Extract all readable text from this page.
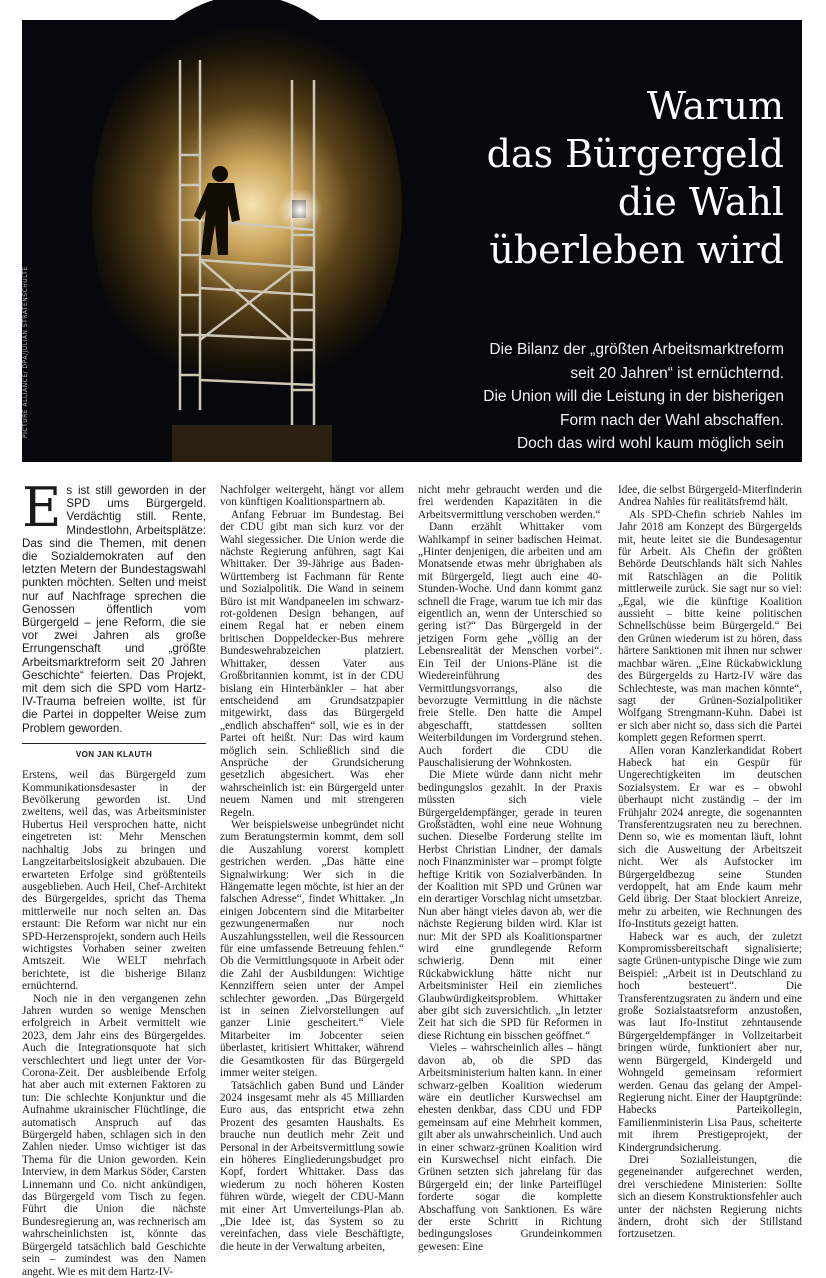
PICTURE ALLIANCE/ DPA/JULIAN STRATENSCHULTE
Warum
das Bürgergeld
die Wahl
überleben wird
Die Bilanz der „größten Arbeitsmarktreform
seit 20 Jahren“ ist ernüchternd.
Die Union will die Leistung in der bisherigen
Form nach der Wahl abschaffen.
Doch das wird wohl kaum möglich sein
Es ist still geworden in der SPD ums Bürgergeld. Verdächtig still. Rente, Mindestlohn, Arbeitsplätze: Das sind die Themen, mit denen die Sozialdemokraten auf den letzten Metern der Bundestagswahl punkten möchten. Selten und meist nur auf Nachfrage sprechen die Genossen öffentlich vom Bürgergeld – jene Reform, die sie vor zwei Jahren als große Errungenschaft und „größte Arbeitsmarktreform seit 20 Jahren Geschichte“ feierten. Das Projekt, mit dem sich die SPD vom Hartz-IV-Trauma befreien wollte, ist für die Partei in doppelter Weise zum Problem geworden.
VON JAN KLAUTH

Erstens, weil das Bürgergeld zum Kommunikationsdesaster in der Bevölkerung geworden ist. Und zweitens, weil das, was Arbeitsminister Hubertus Heil versprochen hatte, nicht eingetreten ist: Mehr Menschen nachhaltig Jobs zu bringen und Langzeitarbeitslosigkeit abzubauen. Die erwarteten Erfolge sind größtenteils ausgeblieben. Auch Heil, Chef-Architekt des Bürgergeldes, spricht das Thema mittlerweile nur noch selten an. Das erstaunt: Die Reform war nicht nur ein SPD-Herzensprojekt, sondern auch Heils wichtigstes Vorhaben seiner zweiten Amtszeit. Wie WELT mehrfach berichtete, ist die bisherige Bilanz ernüchternd.

Noch nie in den vergangenen zehn Jahren wurden so wenige Menschen erfolgreich in Arbeit vermittelt wie 2023, dem Jahr eins des Bürgergeldes. Auch die Integrationsquote hat sich verschlechtert und liegt unter der Vor-Corona-Zeit. Der ausbleibende Erfolg hat aber auch mit externen Faktoren zu tun: Die schlechte Konjunktur und die Aufnahme ukrainischer Flüchtlinge, die automatisch Anspruch auf das Bürgergeld haben, schlagen sich in den Zahlen nieder. Umso wichtiger ist das Thema für die Union geworden. Kein Interview, in dem Markus Söder, Carsten Linnemann und Co. nicht ankündigen, das Bürgergeld vom Tisch zu fegen. Führt die Union die nächste Bundesregierung an, was rechnerisch am wahrscheinlichsten ist, könnte das Bürgergeld tatsächlich bald Geschichte sein – zumindest was den Namen angeht. Wie es mit dem Hartz-IV-

Nachfolger weitergeht, hängt vor allem von künftigen Koalitionspartnern ab.

Anfang Februar im Bundestag. Bei der CDU gibt man sich kurz vor der Wahl siegessicher. Die Union werde die nächste Regierung anführen, sagt Kai Whittaker. Der 39-Jährige aus Baden-Württemberg ist Fachmann für Rente und Sozialpolitik. Die Wand in seinem Büro ist mit Wandpaneelen im schwarz-rot-goldenen Design behangen, auf einem Regal hat er neben einem britischen Doppeldecker-Bus mehrere Bundeswehrabzeichen platziert. Whittaker, dessen Vater aus Großbritannien kommt, ist in der CDU bislang ein Hinterbänkler – hat aber entscheidend am Grundsatzpapier mitgewirkt, dass das Bürgergeld „endlich abschaffen“ soll, wie es in der Partei oft heißt. Nur: Das wird kaum möglich sein. Schließlich sind die Ansprüche der Grundsicherung gesetzlich abgesichert. Was eher wahrscheinlich ist: ein Bürgergeld unter neuem Namen und mit strengeren Regeln.

Wer beispielsweise unbegründet nicht zum Beratungstermin kommt, dem soll die Auszahlung vorerst komplett gestrichen werden. „Das hätte eine Signalwirkung: Wer sich in die Hängematte legen möchte, ist hier an der falschen Adresse“, findet Whittaker. „In einigen Jobcentern sind die Mitarbeiter gezwungenermaßen nur noch Auszahlungsstellen, weil die Ressourcen für eine umfassende Betreuung fehlen.“ Ob die Vermittlungsquote in Arbeit oder die Zahl der Ausbildungen: Wichtige Kennziffern seien unter der Ampel schlechter geworden. „Das Bürgergeld ist in seinen Zielvorstellungen auf ganzer Linie gescheitert.“ Viele Mitarbeiter im Jobcenter seien überlastet, kritisiert Whittaker, während die Gesamtkosten für das Bürgergeld immer weiter steigen.

Tatsächlich gaben Bund und Länder 2024 insgesamt mehr als 45 Milliarden Euro aus, das entspricht etwa zehn Prozent des gesamten Haushalts. Es brauche nun deutlich mehr Zeit und Personal in der Arbeitsvermittlung sowie ein höheres Eingliederungsbudget pro Kopf, fordert Whittaker. Dass das wiederum zu noch höheren Kosten führen würde, wiegelt der CDU-Mann mit einer Art Umverteilungs-Plan ab. „Die Idee ist, das System so zu vereinfachen, dass viele Beschäftigte, die heute in der Verwaltung arbeiten,

nicht mehr gebraucht werden und die frei werdenden Kapazitäten in die Arbeitsvermittlung verschoben werden.“

Dann erzählt Whittaker vom Wahlkampf in seiner badischen Heimat. „Hinter denjenigen, die arbeiten und am Monatsende etwas mehr übrighaben als mit Bürgergeld, liegt auch eine 40-Stunden-Woche. Und dann kommt ganz schnell die Frage, warum tue ich mir das eigentlich an, wenn der Unterschied so gering ist?“ Das Bürgergeld in der jetzigen Form gehe „völlig an der Lebensrealität der Menschen vorbei“. Ein Teil der Unions-Pläne ist die Wiedereinführung des Vermittlungsvorrangs, also die bevorzugte Vermittlung in die nächste freie Stelle. Den hatte die Ampel abgeschafft, stattdessen sollten Weiterbildungen im Vordergrund stehen. Auch fordert die CDU die Pauschalisierung der Wohnkosten.

Die Miete würde dann nicht mehr bedingungslos gezahlt. In der Praxis müssten sich viele Bürgergeldempfänger, gerade in teuren Großstädten, wohl eine neue Wohnung suchen. Dieselbe Forderung stellte im Herbst Christian Lindner, der damals noch Finanzminister war – prompt folgte heftige Kritik von Sozialverbänden. In der Koalition mit SPD und Grünen war ein derartiger Vorschlag nicht umsetzbar. Nun aber hängt vieles davon ab, wer die nächste Regierung bilden wird. Klar ist nur: Mit der SPD als Koalitionspartner wird eine grundlegende Reform schwierig. Denn mit einer Rückabwicklung hätte nicht nur Arbeitsminister Heil ein ziemliches Glaubwürdigkeitsproblem. Whittaker aber gibt sich zuversichtlich. „In letzter Zeit hat sich die SPD für Reformen in diese Richtung ein bisschen geöffnet.“

Vieles – wahrscheinlich alles – hängt davon ab, ob die SPD das Arbeitsministerium halten kann. In einer schwarz-gelben Koalition wiederum wäre ein deutlicher Kurswechsel am ehesten denkbar, dass CDU und FDP gemeinsam auf eine Mehrheit kommen, gilt aber als unwahrscheinlich. Und auch in einer schwarz-grünen Koalition wird ein Kurswechsel nicht einfach. Die Grünen setzten sich jahrelang für das Bürgergeld ein; der linke Parteiflügel forderte sogar die komplette Abschaffung von Sanktionen. Es wäre der erste Schritt in Richtung bedingungsloses Grundeinkommen gewesen: Eine

Idee, die selbst Bürgergeld-Miterfinderin Andrea Nahles für realitätsfremd hält.

Als SPD-Chefin schrieb Nahles im Jahr 2018 am Konzept des Bürgergelds mit, heute leitet sie die Bundesagentur für Arbeit. Als Chefin der größten Behörde Deutschlands hält sich Nahles mit Ratschlägen an die Politik mittlerweile zurück. Sie sagt nur so viel: „Egal, wie die künftige Koalition aussieht – bitte keine politischen Schnellschüsse beim Bürgergeld.“ Bei den Grünen wiederum ist zu hören, dass härtere Sanktionen mit ihnen nur schwer machbar wären. „Eine Rückabwicklung des Bürgergelds zu Hartz-IV wäre das Schlechteste, was man machen könnte“, sagt der Grünen-Sozialpolitiker Wolfgang Strengmann-Kuhn. Dabei ist er sich aber nicht so, dass sich die Partei komplett gegen Reformen sperrt.

Allen voran Kanzlerkandidat Robert Habeck hat ein Gespür für Ungerechtigkeiten im deutschen Sozialsystem. Er war es – obwohl überhaupt nicht zuständig – der im Frühjahr 2024 anregte, die sogenannten Transferentzugsraten neu zu berechnen. Denn so, wie es momentan läuft, lohnt sich die Ausweitung der Arbeitszeit nicht. Wer als Aufstocker im Bürgergeldbezug seine Stunden verdoppelt, hat am Ende kaum mehr Geld übrig. Der Staat blockiert Anreize, mehr zu arbeiten, wie Rechnungen des Ifo-Instituts gezeigt hatten.

Habeck war es auch, der zuletzt Kompromissbereitschaft signalisierte; sagte Grünen-untypische Dinge wie zum Beispiel: „Arbeit ist in Deutschland zu hoch besteuert“. Die Transferentzugsraten zu ändern und eine große Sozialstaatsreform anzustoßen, was laut Ifo-Institut zehntausende Bürgergeldempfänger in Vollzeitarbeit bringen würde, funktioniert aber nur, wenn Bürgergeld, Kindergeld und Wohngeld gemeinsam reformiert werden. Genau das gelang der Ampel-Regierung nicht. Einer der Hauptgründe: Habecks Parteikollegin, Familienministerin Lisa Paus, scheiterte mit ihrem Prestigeprojekt, der Kindergrundsicherung.

Drei Sozialleistungen, die gegeneinander aufgerechnet werden, drei verschiedene Ministerien: Sollte sich an diesem Konstruktionsfehler auch unter der nächsten Regierung nichts ändern, droht sich der Stillstand fortzusetzen.
